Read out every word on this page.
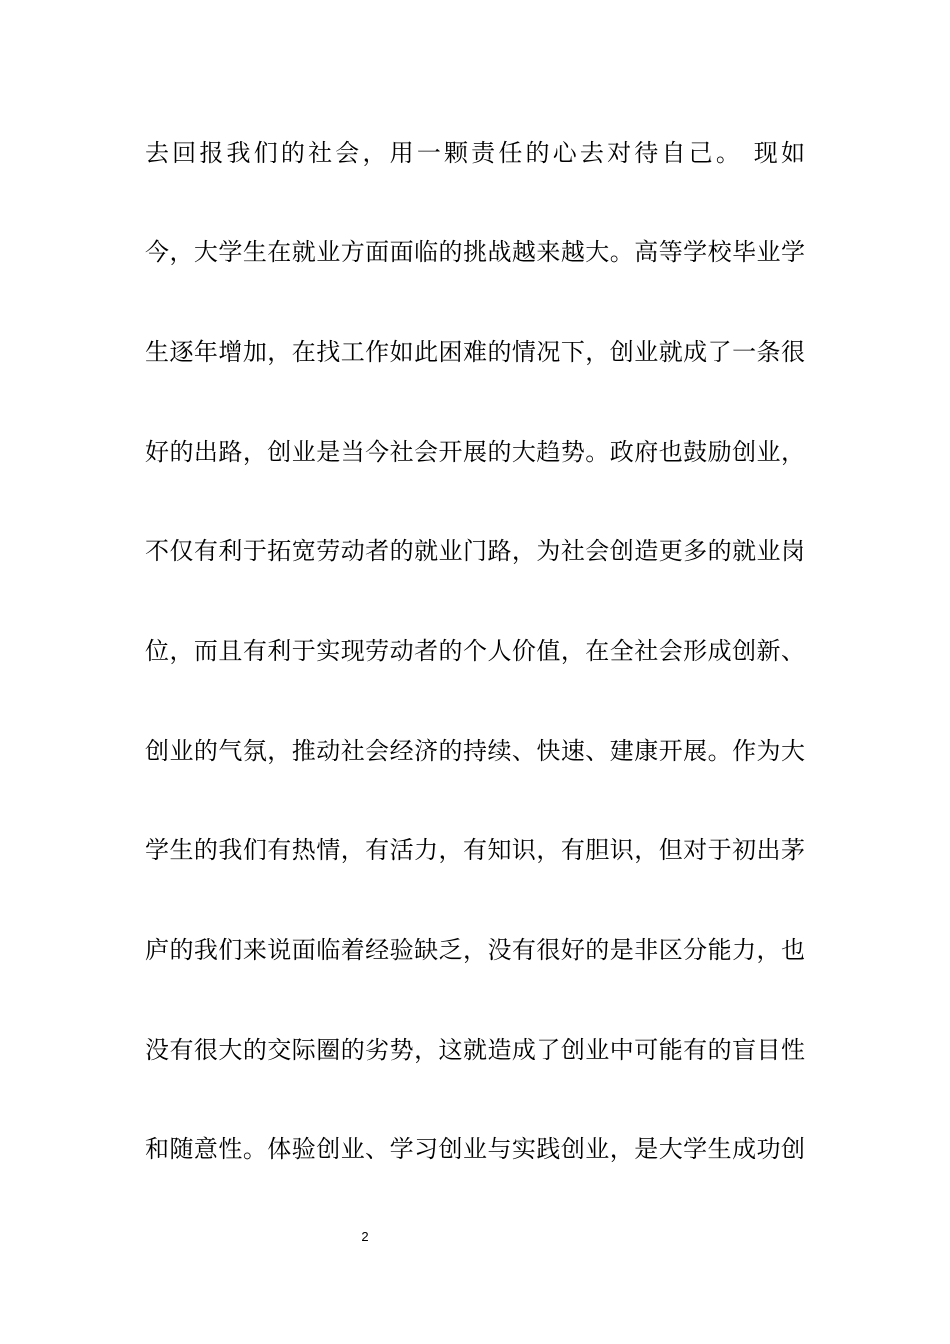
去回报我们的社会，用一颗责任的心去对待自己。 现如
今，大学生在就业方面面临的挑战越来越大。高等学校毕业学
生逐年增加，在找工作如此困难的情况下，创业就成了一条很
好的出路，创业是当今社会开展的大趋势。政府也鼓励创业，
不仅有利于拓宽劳动者的就业门路，为社会创造更多的就业岗
位，而且有利于实现劳动者的个人价值，在全社会形成创新、
创业的气氛，推动社会经济的持续、快速、建康开展。作为大
学生的我们有热情，有活力，有知识，有胆识，但对于初出茅
庐的我们来说面临着经验缺乏，没有很好的是非区分能力，也
没有很大的交际圈的劣势，这就造成了创业中可能有的盲目性
和随意性。体验创业、学习创业与实践创业，是大学生成功创
2
